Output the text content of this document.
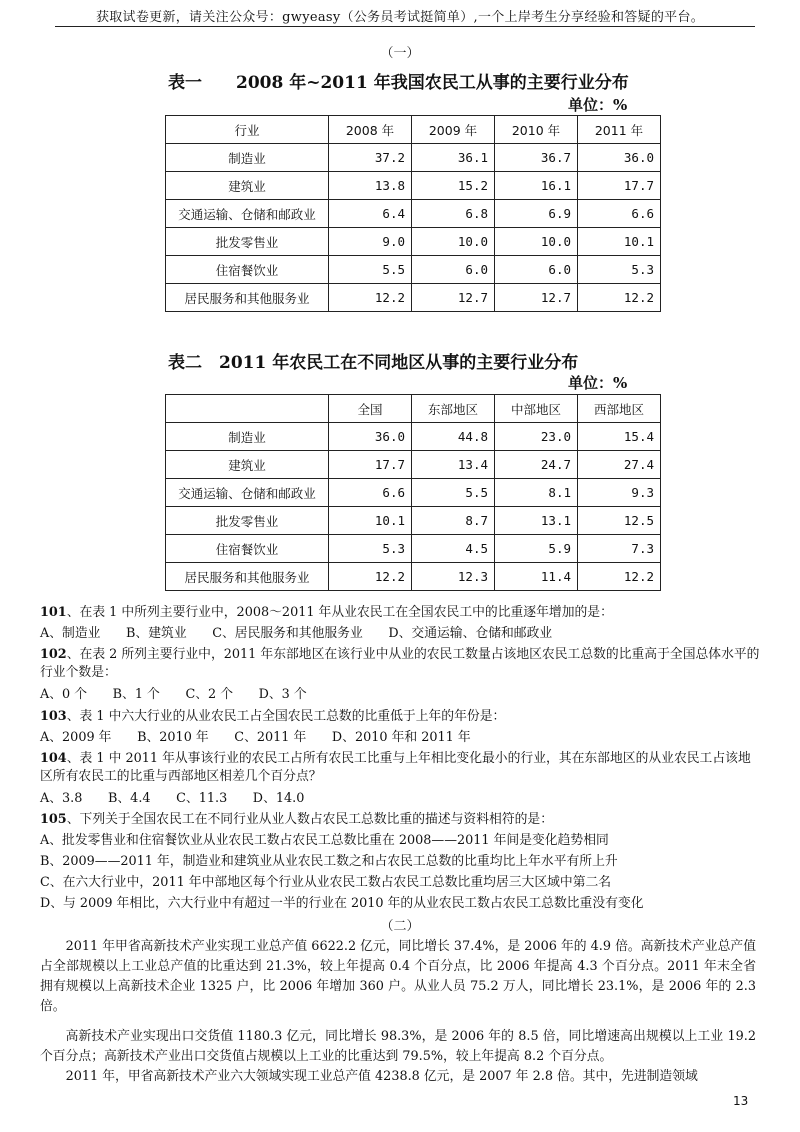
获取试卷更新，请关注公众号：gwyeasy（公务员考试挺简单）,一个上岸考生分享经验和答疑的平台。
（一）
表一　　2008 年~2011 年我国农民工从事的主要行业分布
单位：%
行业	2008 年	2009 年	2010 年	2011 年
制造业	37.2	36.1	36.7	36.0
建筑业	13.8	15.2	16.1	17.7
交通运输、仓储和邮政业	6.4	6.8	6.9	6.6
批发零售业	9.0	10.0	10.0	10.1
住宿餐饮业	5.5	6.0	6.0	5.3
居民服务和其他服务业	12.2	12.7	12.7	12.2
表二　2011 年农民工在不同地区从事的主要行业分布
单位：%
	全国	东部地区	中部地区	西部地区
制造业	36.0	44.8	23.0	15.4
建筑业	17.7	13.4	24.7	27.4
交通运输、仓储和邮政业	6.6	5.5	8.1	9.3
批发零售业	10.1	8.7	13.1	12.5
住宿餐饮业	5.3	4.5	5.9	7.3
居民服务和其他服务业	12.2	12.3	11.4	12.2
101、在表 1 中所列主要行业中，2008～2011 年从业农民工在全国农民工中的比重逐年增加的是：
A、制造业　　B、建筑业　　C、居民服务和其他服务业　　D、交通运输、仓储和邮政业
102、在表 2 所列主要行业中，2011 年东部地区在该行业中从业的农民工数量占该地区农民工总数的比重高于全国总体水平的行业个数是：
A、0 个　　B、1 个　　C、2 个　　D、3 个
103、表 1 中六大行业的从业农民工占全国农民工总数的比重低于上年的年份是：
A、2009 年　　B、2010 年　　C、2011 年　　D、2010 年和 2011 年
104、表 1 中 2011 年从事该行业的农民工占所有农民工比重与上年相比变化最小的行业，其在东部地区的从业农民工占该地区所有农民工的比重与西部地区相差几个百分点？
A、3.8　　B、4.4　　C、11.3　　D、14.0
105、下列关于全国农民工在不同行业从业人数占农民工总数比重的描述与资料相符的是：
A、批发零售业和住宿餐饮业从业农民工数占农民工总数比重在 2008——2011 年间是变化趋势相同
B、2009——2011 年，制造业和建筑业从业农民工数之和占农民工总数的比重均比上年水平有所上升
C、在六大行业中，2011 年中部地区每个行业从业农民工数占农民工总数比重均居三大区域中第二名
D、与 2009 年相比，六大行业中有超过一半的行业在 2010 年的从业农民工数占农民工总数比重没有变化
（二）
2011 年甲省高新技术产业实现工业总产值 6622.2 亿元，同比增长 37.4%，是 2006 年的 4.9 倍。高新技术产业总产值占全部规模以上工业总产值的比重达到 21.3%，较上年提高 0.4 个百分点，比 2006 年提高 4.3 个百分点。2011 年末全省拥有规模以上高新技术企业 1325 户，比 2006 年增加 360 户。从业人员 75.2 万人，同比增长 23.1%，是 2006 年的 2.3 倍。
高新技术产业实现出口交货值 1180.3 亿元，同比增长 98.3%，是 2006 年的 8.5 倍，同比增速高出规模以上工业 19.2 个百分点；高新技术产业出口交货值占规模以上工业的比重达到 79.5%，较上年提高 8.2 个百分点。
2011 年，甲省高新技术产业六大领域实现工业总产值 4238.8 亿元，是 2007 年 2.8 倍。其中，先进制造领域
13
